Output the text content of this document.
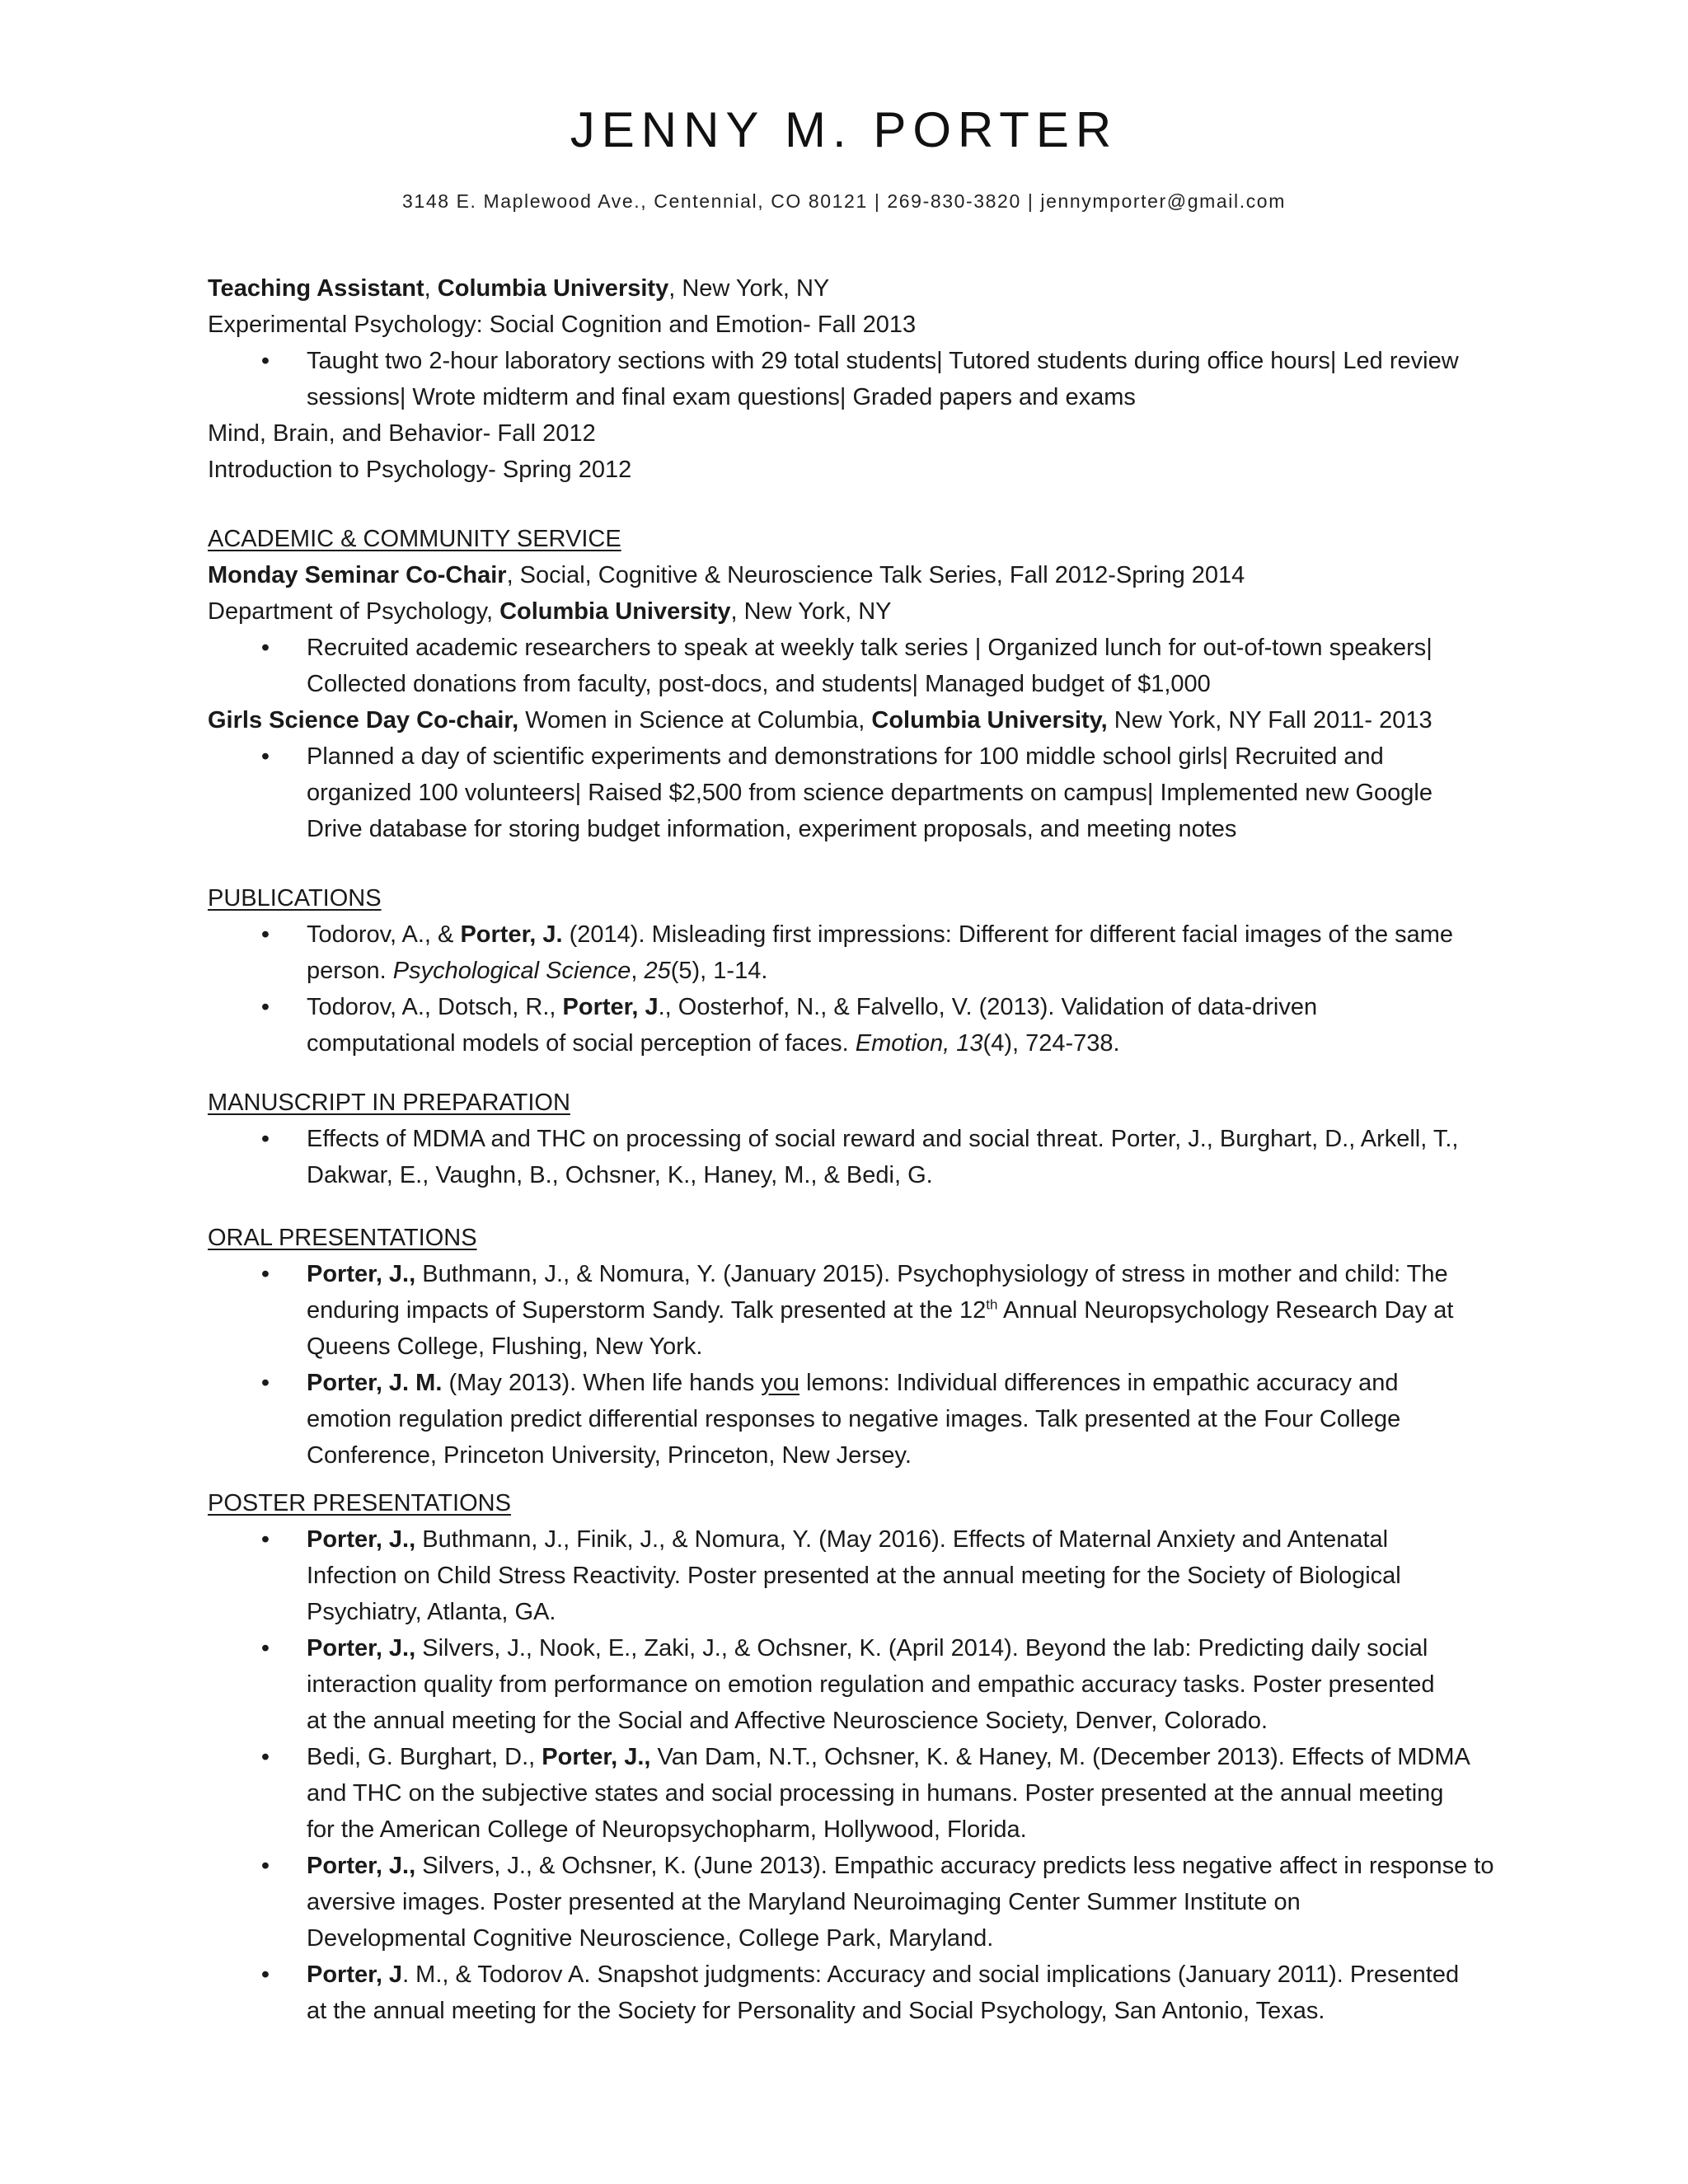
JENNY M. PORTER
3148 E. Maplewood Ave., Centennial, CO 80121 | 269-830-3820 | jennymporter@gmail.com
Teaching Assistant, Columbia University, New York, NY
Experimental Psychology: Social Cognition and Emotion- Fall 2013
• Taught two 2-hour laboratory sections with 29 total students| Tutored students during office hours| Led review
sessions| Wrote midterm and final exam questions| Graded papers and exams
Mind, Brain, and Behavior- Fall 2012
Introduction to Psychology- Spring 2012
ACADEMIC & COMMUNITY SERVICE
Monday Seminar Co-Chair, Social, Cognitive & Neuroscience Talk Series, Fall 2012-Spring 2014
Department of Psychology, Columbia University, New York, NY
• Recruited academic researchers to speak at weekly talk series | Organized lunch for out-of-town speakers|
Collected donations from faculty, post-docs, and students| Managed budget of $1,000
Girls Science Day Co-chair, Women in Science at Columbia, Columbia University, New York, NY Fall 2011- 2013
• Planned a day of scientific experiments and demonstrations for 100 middle school girls| Recruited and
organized 100 volunteers| Raised $2,500 from science departments on campus| Implemented new Google
Drive database for storing budget information, experiment proposals, and meeting notes
PUBLICATIONS
• Todorov, A., & Porter, J. (2014). Misleading first impressions: Different for different facial images of the same
person. Psychological Science, 25(5), 1-14.
• Todorov, A., Dotsch, R., Porter, J., Oosterhof, N., & Falvello, V. (2013). Validation of data-driven
computational models of social perception of faces. Emotion, 13(4), 724-738.
MANUSCRIPT IN PREPARATION
• Effects of MDMA and THC on processing of social reward and social threat. Porter, J., Burghart, D., Arkell, T.,
Dakwar, E., Vaughn, B., Ochsner, K., Haney, M., & Bedi, G.
ORAL PRESENTATIONS
• Porter, J., Buthmann, J., & Nomura, Y. (January 2015). Psychophysiology of stress in mother and child: The
enduring impacts of Superstorm Sandy. Talk presented at the 12th Annual Neuropsychology Research Day at
Queens College, Flushing, New York.
• Porter, J. M. (May 2013). When life hands you lemons: Individual differences in empathic accuracy and
emotion regulation predict differential responses to negative images. Talk presented at the Four College
Conference, Princeton University, Princeton, New Jersey.
POSTER PRESENTATIONS
• Porter, J., Buthmann, J., Finik, J., & Nomura, Y. (May 2016). Effects of Maternal Anxiety and Antenatal
Infection on Child Stress Reactivity. Poster presented at the annual meeting for the Society of Biological
Psychiatry, Atlanta, GA.
• Porter, J., Silvers, J., Nook, E., Zaki, J., & Ochsner, K. (April 2014). Beyond the lab: Predicting daily social
interaction quality from performance on emotion regulation and empathic accuracy tasks. Poster presented
at the annual meeting for the Social and Affective Neuroscience Society, Denver, Colorado.
• Bedi, G. Burghart, D., Porter, J., Van Dam, N.T., Ochsner, K. & Haney, M. (December 2013). Effects of MDMA
and THC on the subjective states and social processing in humans. Poster presented at the annual meeting
for the American College of Neuropsychopharm, Hollywood, Florida.
• Porter, J., Silvers, J., & Ochsner, K. (June 2013). Empathic accuracy predicts less negative affect in response to
aversive images. Poster presented at the Maryland Neuroimaging Center Summer Institute on
Developmental Cognitive Neuroscience, College Park, Maryland.
• Porter, J. M., & Todorov A. Snapshot judgments: Accuracy and social implications (January 2011). Presented
at the annual meeting for the Society for Personality and Social Psychology, San Antonio, Texas.
